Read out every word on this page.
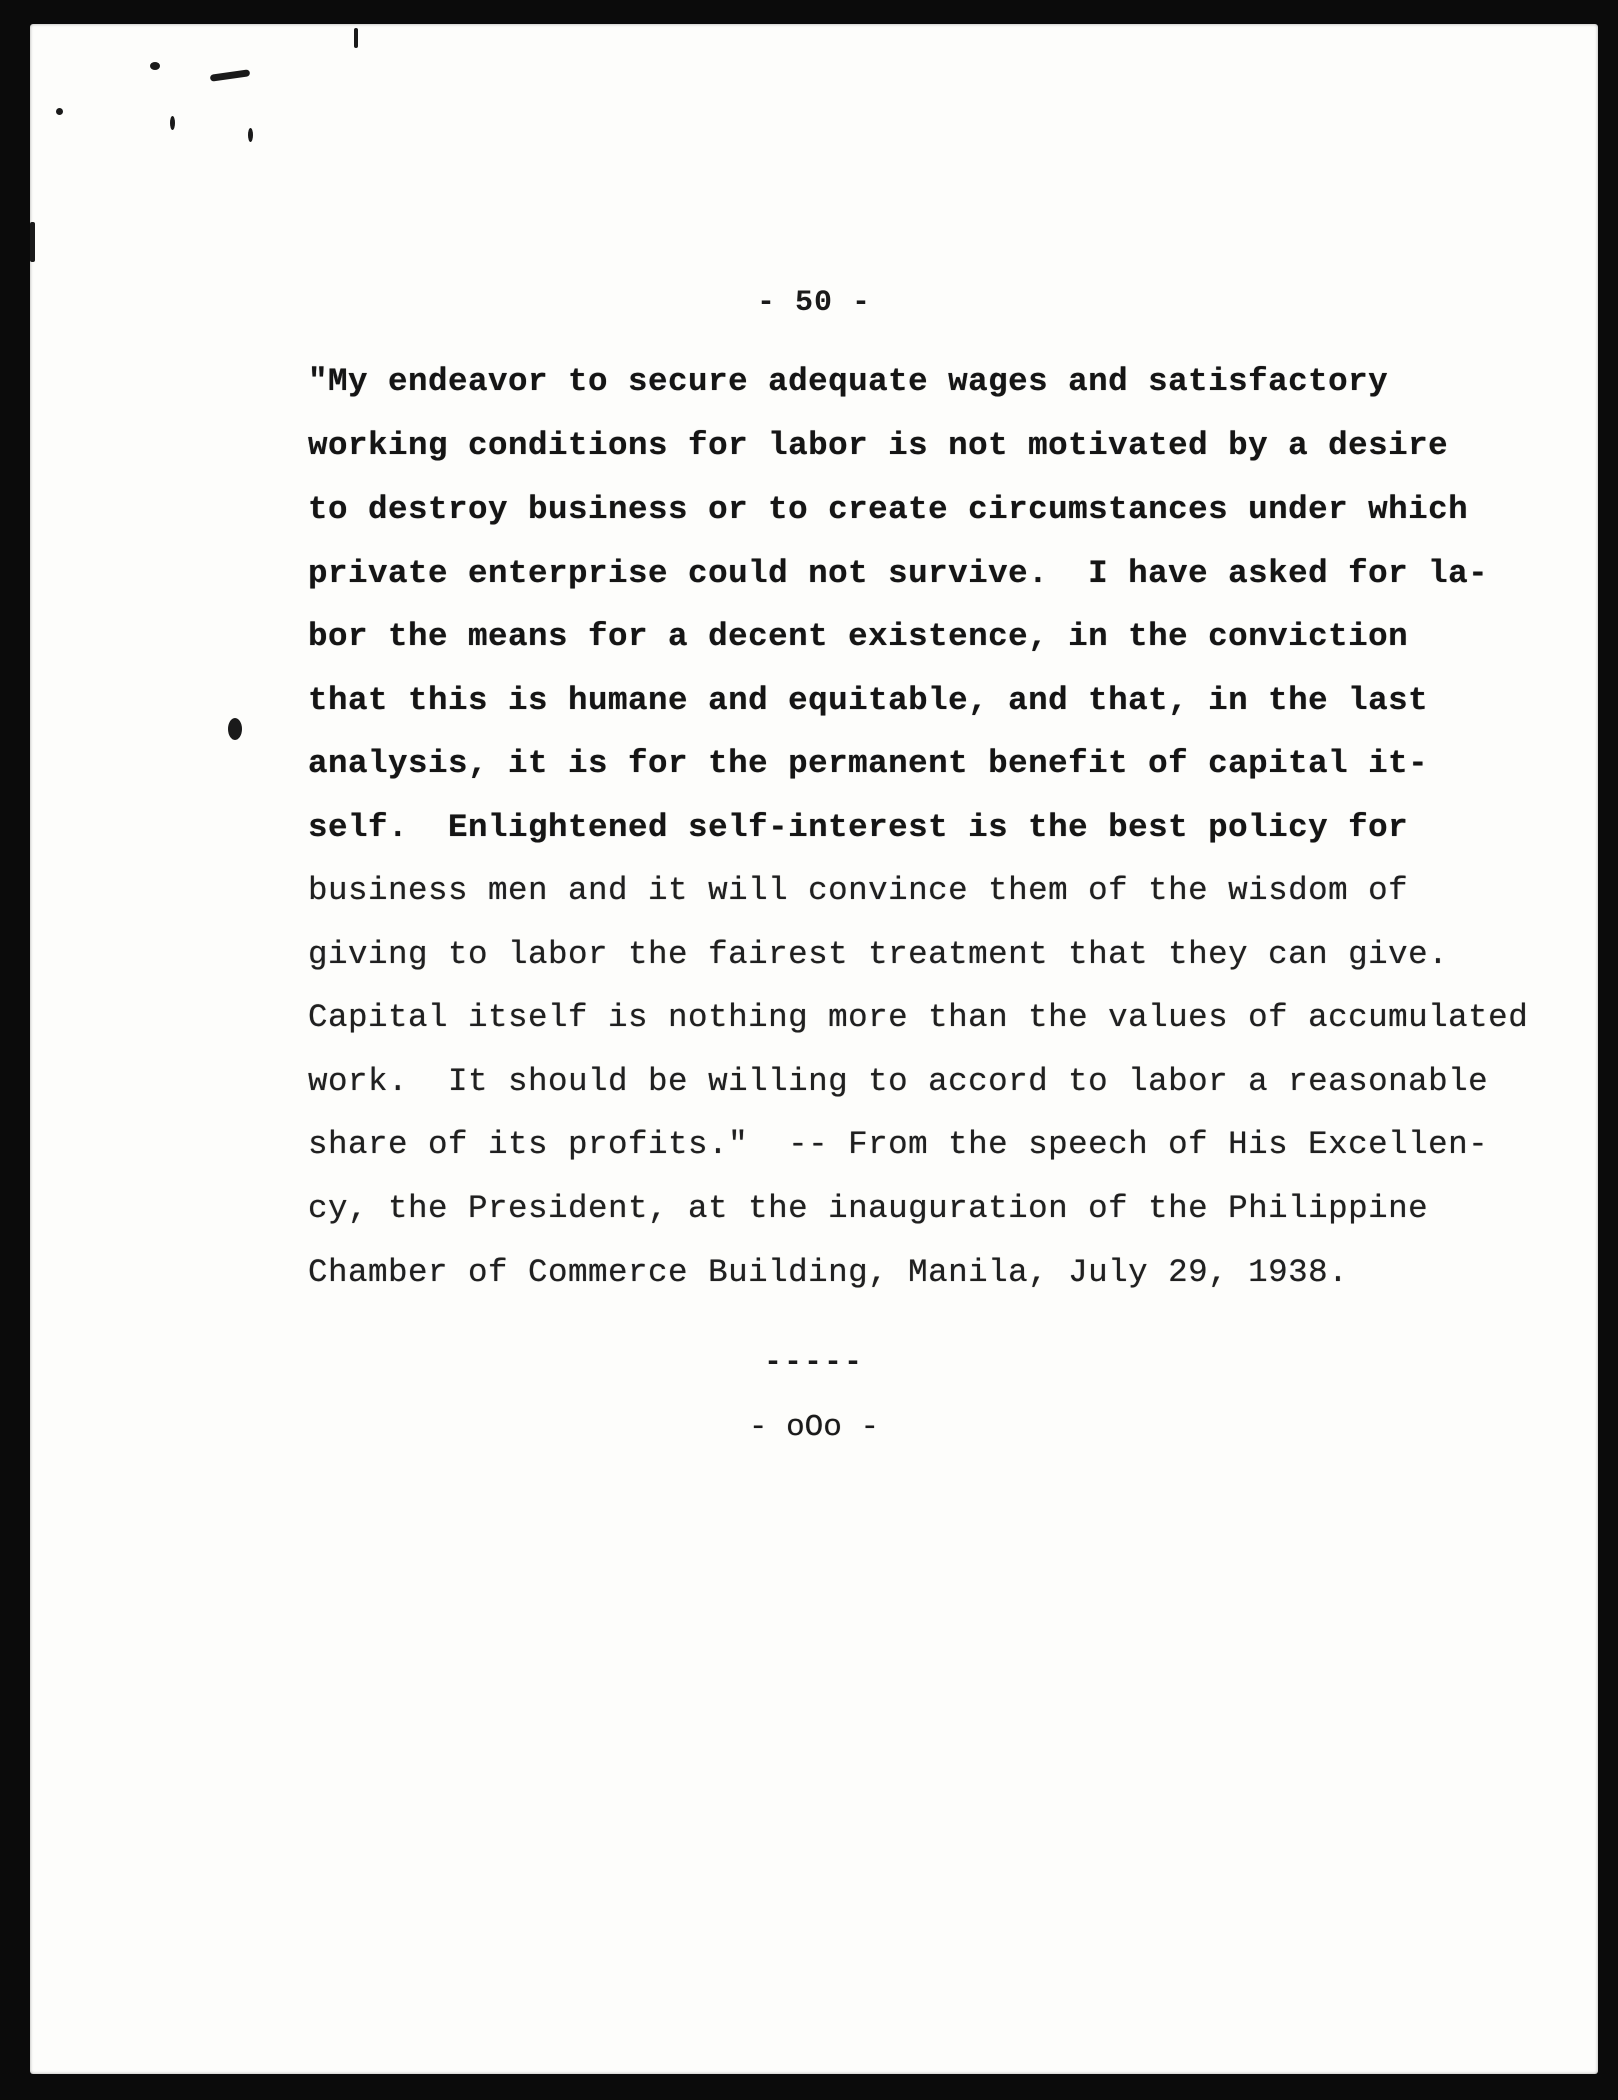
- 50 -
"My endeavor to secure adequate wages and satisfactory
working conditions for labor is not motivated by a desire
to destroy business or to create circumstances under which
private enterprise could not survive.  I have asked for la-
bor the means for a decent existence, in the conviction
that this is humane and equitable, and that, in the last
analysis, it is for the permanent benefit of capital it-
self.  Enlightened self-interest is the best policy for
business men and it will convince them of the wisdom of
giving to labor the fairest treatment that they can give.
Capital itself is nothing more than the values of accumulated
work.  It should be willing to accord to labor a reasonable
share of its profits."  -- From the speech of His Excellen-
cy, the President, at the inauguration of the Philippine
Chamber of Commerce Building, Manila, July 29, 1938.
-----
- oOo -
